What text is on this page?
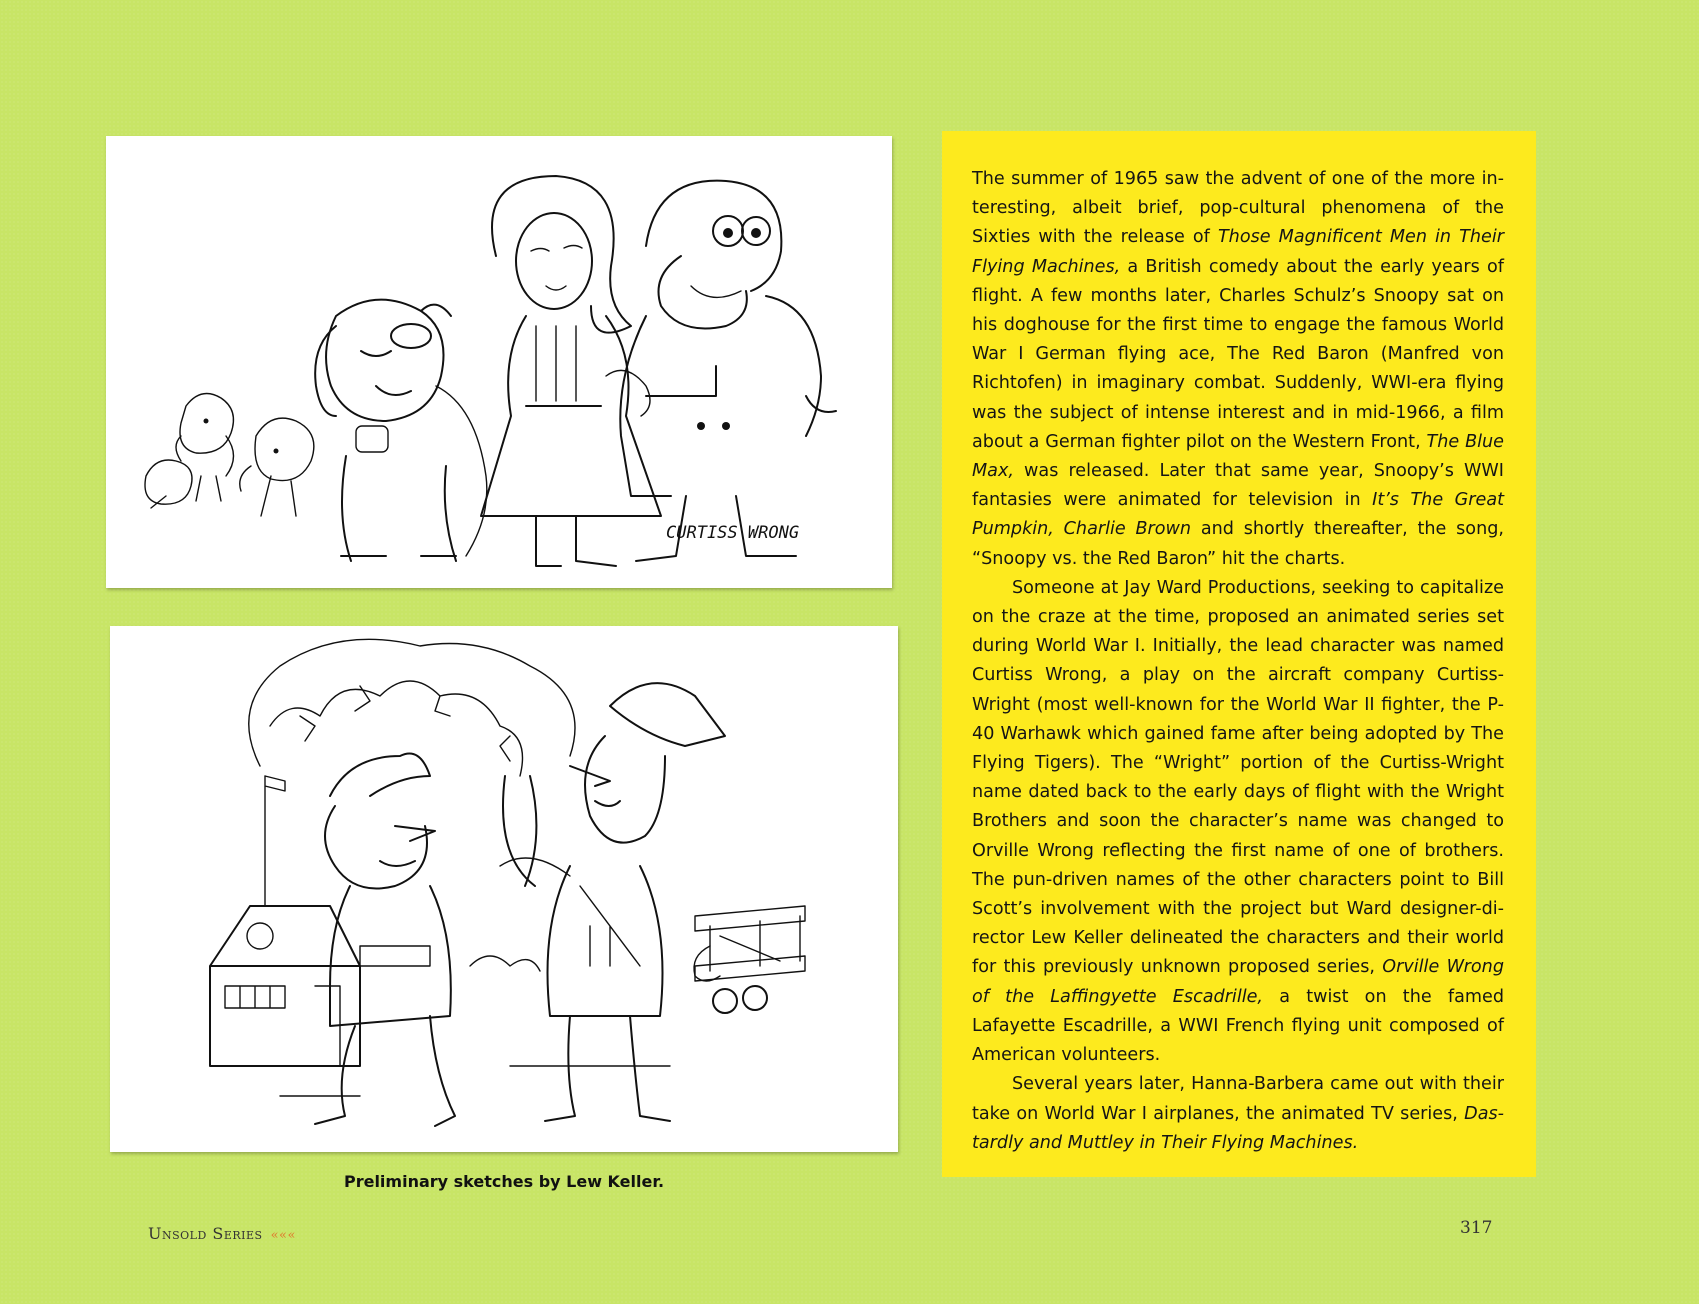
CURTISS WRONG
Preliminary sketches by Lew Keller.

The summer of 1965 saw the advent of one of the more interesting, albeit brief, pop-cultural phenomena of the Sixties with the release of Those Magnificent Men in Their Flying Machines, a British comedy about the early years of flight. A few months later, Charles Schulz’s Snoopy sat on his doghouse for the first time to engage the famous World War I German flying ace, The Red Baron (Manfred von Richtofen) in imaginary combat. Suddenly, WWI-era flying was the subject of intense interest and in mid-1966, a film about a German fighter pilot on the Western Front, The Blue Max, was released. Later that same year, Snoopy’s WWI fantasies were animated for television in It’s The Great Pumpkin, Charlie Brown and shortly thereafter, the song, “Snoopy vs. the Red Baron” hit the charts.

Someone at Jay Ward Productions, seeking to capitalize on the craze at the time, proposed an animated series set during World War I. Initially, the lead character was named Curtiss Wrong, a play on the aircraft company Curtiss-Wright (most well-known for the World War II fighter, the P-40 Warhawk which gained fame after being adopted by The Flying Tigers). The “Wright” portion of the Curtiss-Wright name dated back to the early days of flight with the Wright Brothers and soon the character’s name was changed to Orville Wrong reflecting the first name of one of brothers. The pun-driven names of the other characters point to Bill Scott’s involvement with the project but Ward designer-director Lew Keller delineated the characters and their world for this previously unknown proposed series, Orville Wrong of the Laffingyette Escadrille, a twist on the famed Lafayette Escadrille, a WWI French flying unit composed of American volunteers.

Several years later, Hanna-Barbera came out with their take on World War I airplanes, the animated TV series, Dastardly and Muttley in Their Flying Machines.

Unsold Series «««	317
